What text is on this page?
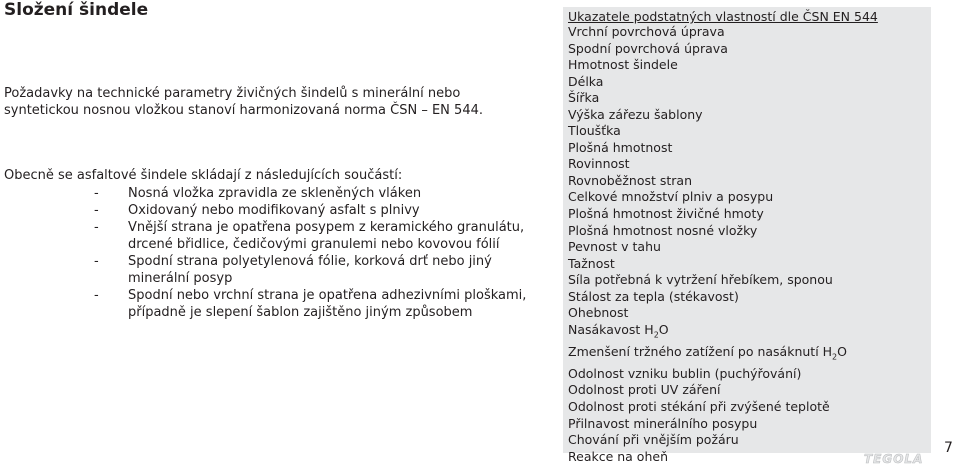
Složení šindele
Požadavky na technické parametry živičných šindelů s minerální nebo syntetickou nosnou vložkou stanoví harmonizovaná norma ČSN – EN 544.
Obecně se asfaltové šindele skládají z následujících součástí:
- Nosná vložka zpravidla ze skleněných vláken
- Oxidovaný nebo modifikovaný asfalt s plnivy
- Vnější strana je opatřena posypem z keramického granulátu, drcené břidlice, čedičovými granulemi nebo kovovou fólií
- Spodní strana polyetylenová fólie, korková drť nebo jiný minerální posyp
- Spodní nebo vrchní strana je opatřena adhezivními ploškami, případně je slepení šablon zajištěno jiným způsobem
Ukazatele podstatných vlastností dle ČSN EN 544
Vrchní povrchová úprava
Spodní povrchová úprava
Hmotnost šindele
Délka
Šířka
Výška zářezu šablony
Tloušťka
Plošná hmotnost
Rovinnost
Rovnoběžnost stran
Celkové množství plniv a posypu
Plošná hmotnost živičné hmoty
Plošná hmotnost nosné vložky
Pevnost v tahu
Tažnost
Síla potřebná k vytržení hřebíkem, sponou
Stálost za tepla (stékavost)
Ohebnost
Nasákavost $H_2O$
Zmenšení tržného zatížení po nasáknutí $H_2O$
Odolnost vzniku bublin (puchýřování)
Odolnost proti UV záření
Odolnost proti stékání při zvýšené teplotě
Přilnavost minerálního posypu
Chování při vnějším požáru
Reakce na oheň	TEGOLA
7
